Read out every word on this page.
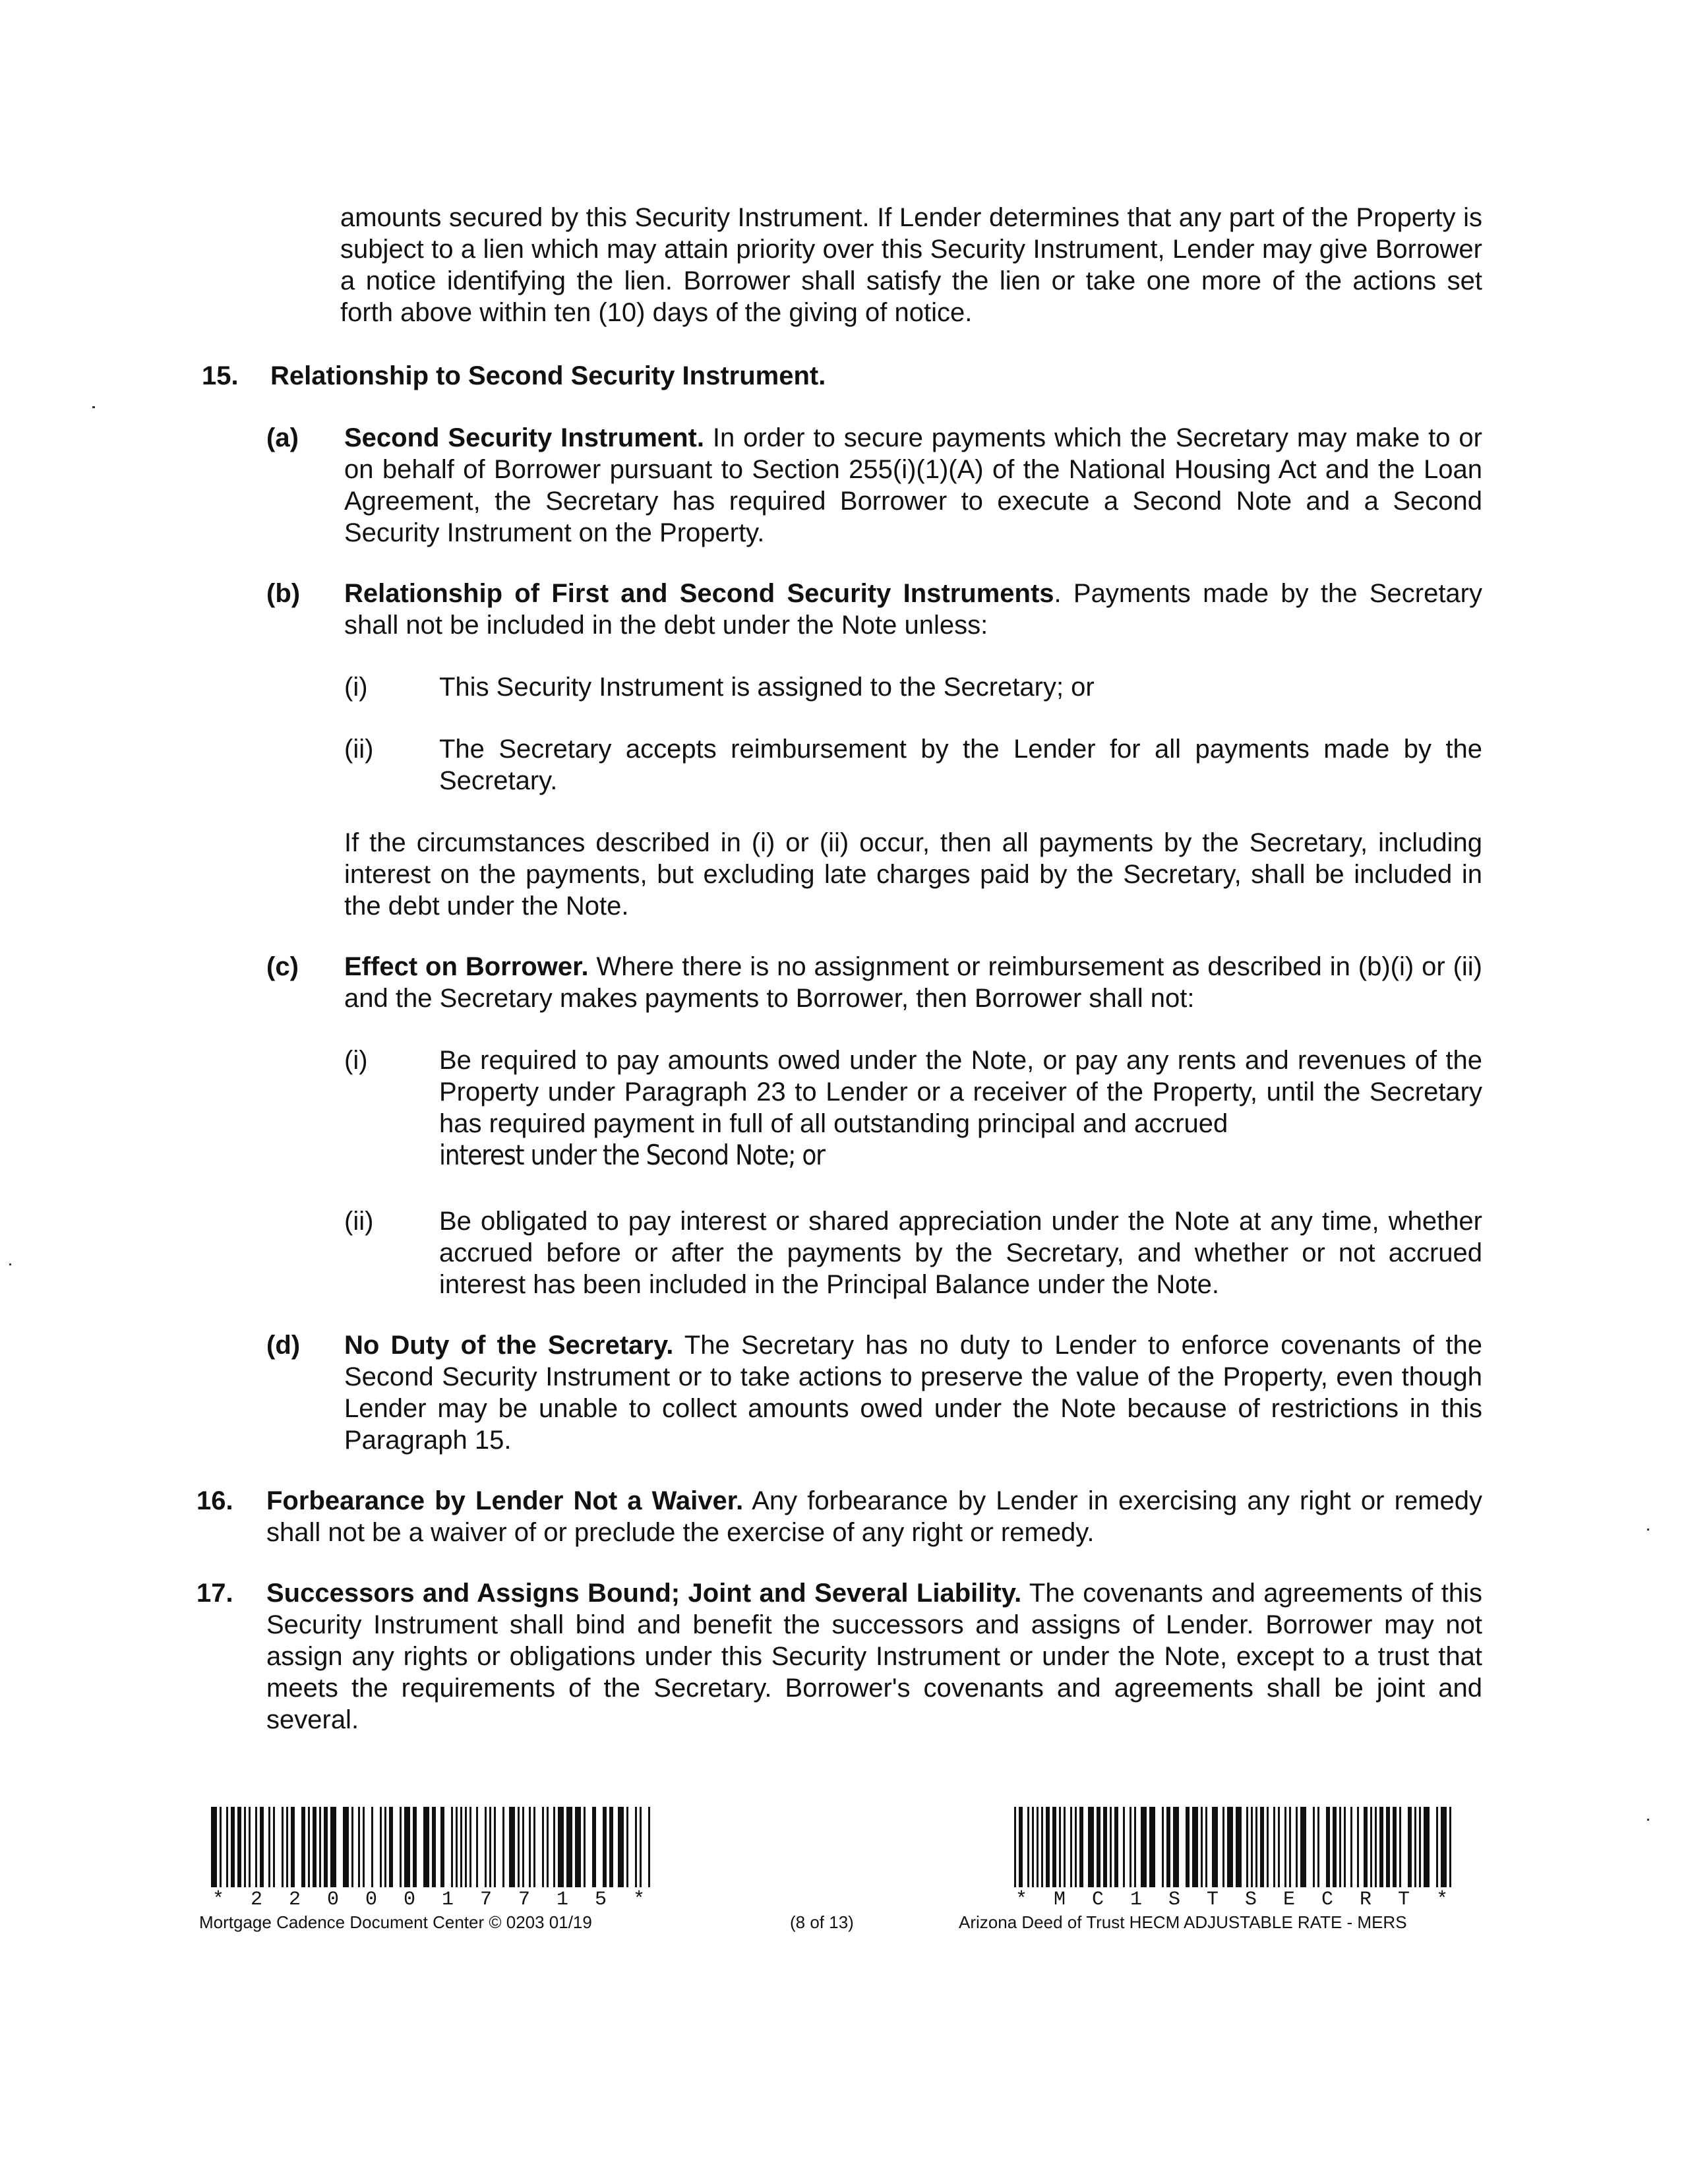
amounts secured by this Security Instrument. If Lender determines that any part of the Property is subject to a lien which may attain priority over this Security Instrument, Lender may give Borrower a notice identifying the lien. Borrower shall satisfy the lien or take one more of the actions set forth above within ten (10) days of the giving of notice.

15. Relationship to Second Security Instrument.
(a) Second Security Instrument. In order to secure payments which the Secretary may make to or on behalf of Borrower pursuant to Section 255(i)(1)(A) of the National Housing Act and the Loan Agreement, the Secretary has required Borrower to execute a Second Note and a Second Security Instrument on the Property.

(b) Relationship of First and Second Security Instruments. Payments made by the Secretary shall not be included in the debt under the Note unless:

(i)	This Security Instrument is assigned to the Secretary; or

(ii) The Secretary accepts reimbursement by the Lender for all payments made by the Secretary.

If the circumstances described in (i) or (ii) occur, then all payments by the Secretary, including interest on the payments, but excluding late charges paid by the Secretary, shall be included in the debt under the Note.

(c) Effect on Borrower. Where there is no assignment or reimbursement as described in (b)(i) or (ii) and the Secretary makes payments to Borrower, then Borrower shall not:

(i)	Be required to pay amounts owed under the Note, or pay any rents and revenues of the Property under Paragraph 23 to Lender or a receiver of the Property, until the Secretary has required payment in full of all outstanding principal and accrued

interest under the Second Note; or
(ii) Be obligated to pay interest or shared appreciation under the Note at any time, whether accrued before or after the payments by the Secretary, and whether or not accrued interest has been included in the Principal Balance under the Note.

(d) No Duty of the Secretary. The Secretary has no duty to Lender to enforce covenants of the Second Security Instrument or to take actions to preserve the value of the Property, even though Lender may be unable to collect amounts owed under the Note because of restrictions in this Paragraph 15.

16. Forbearance by Lender Not a Waiver. Any forbearance by Lender in exercising any right or remedy shall not be a waiver of or preclude the exercise of any right or remedy.

17. Successors and Assigns Bound; Joint and Several Liability. The covenants and agreements of this Security Instrument shall bind and benefit the successors and assigns of Lender. Borrower may not assign any rights or obligations under this Security Instrument or under the Note, except to a trust that meets the requirements of the Secretary. Borrower's covenants and agreements shall be joint and several.

* 2 2 0 0 0 1 7 7 1 5 *	* M C 1 S T S E C R T *
Mortgage Cadence Document Center © 0203 01/19	(8 of 13)	Arizona Deed of Trust HECM ADJUSTABLE RATE - MERS
